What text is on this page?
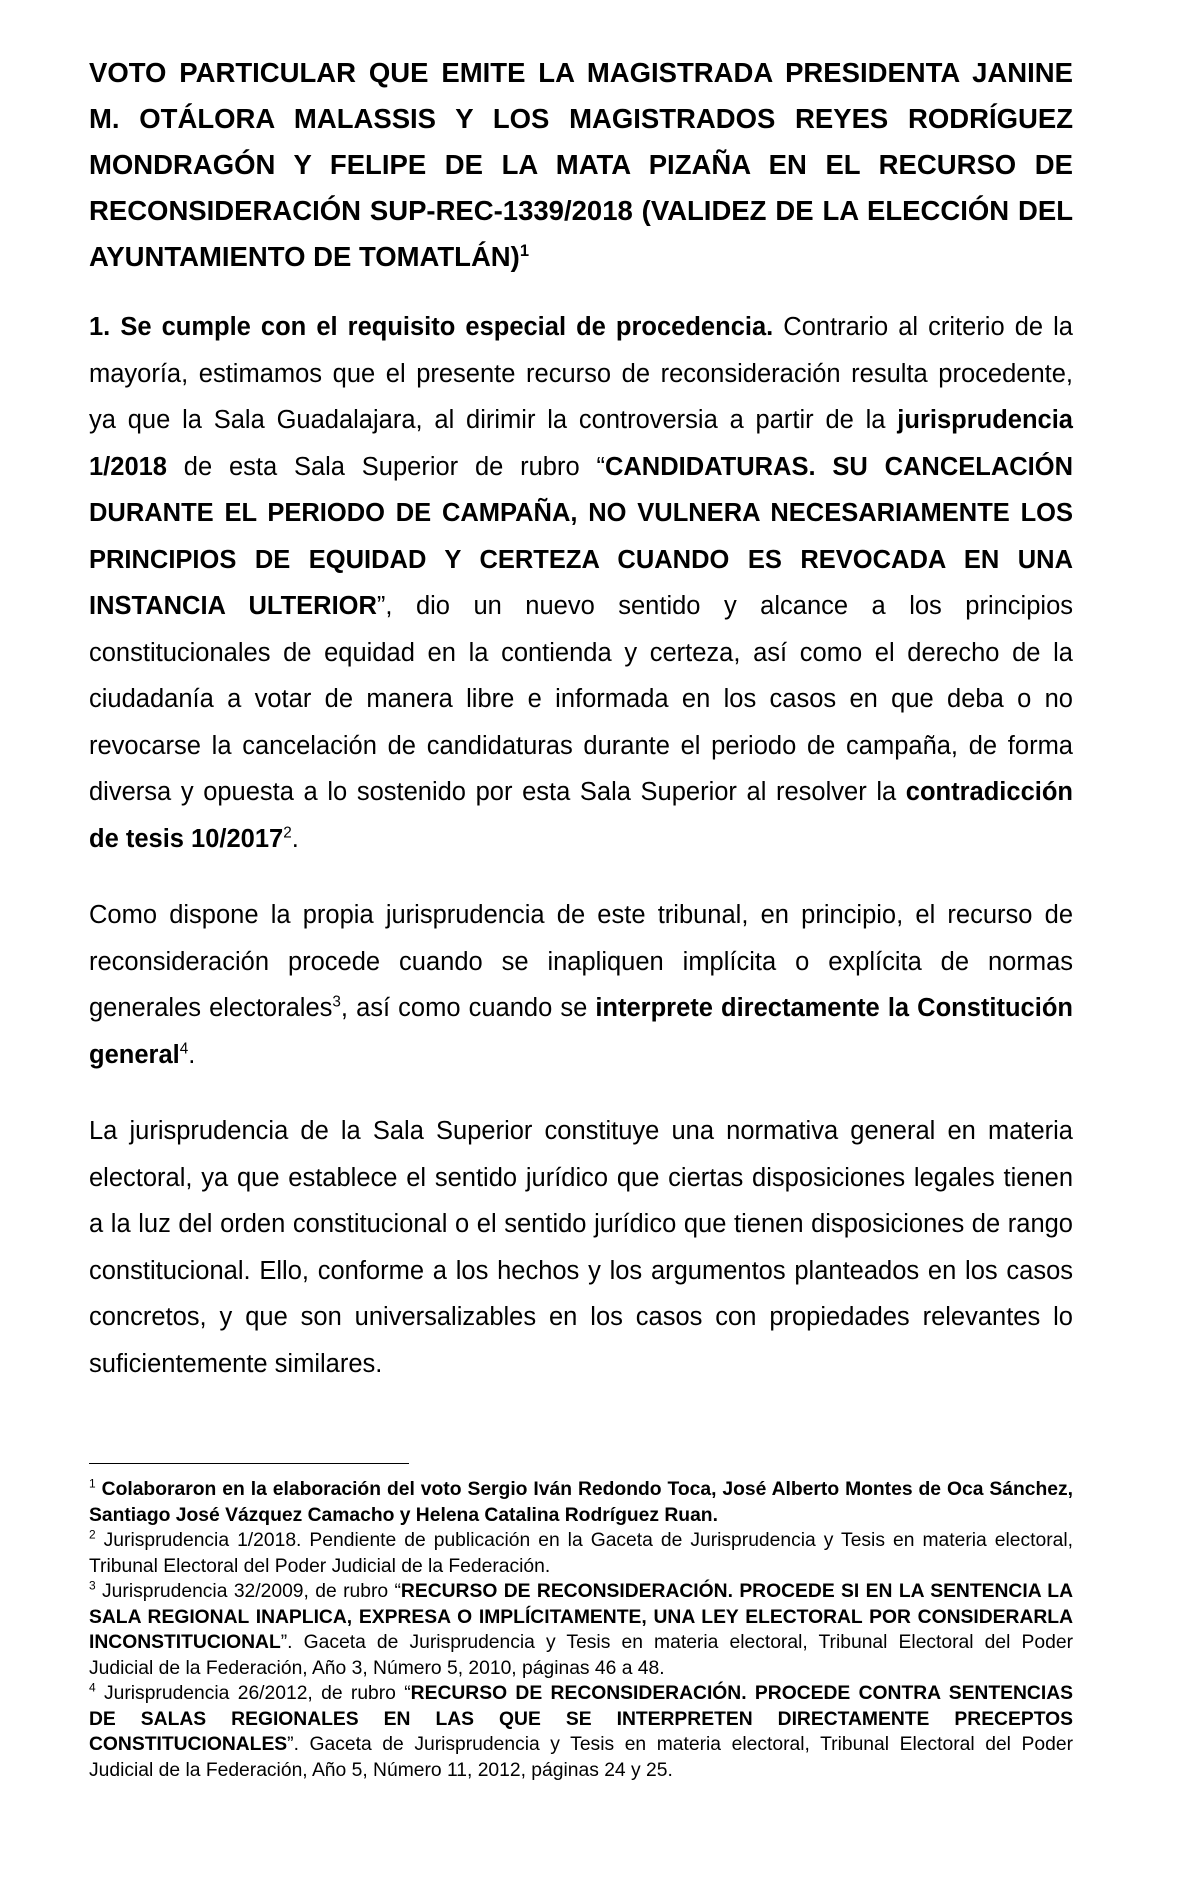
VOTO PARTICULAR QUE EMITE LA MAGISTRADA PRESIDENTA JANINE M. OTÁLORA MALASSIS Y LOS MAGISTRADOS REYES RODRÍGUEZ MONDRAGÓN Y FELIPE DE LA MATA PIZAÑA EN EL RECURSO DE RECONSIDERACIÓN SUP-REC-1339/2018 (VALIDEZ DE LA ELECCIÓN DEL AYUNTAMIENTO DE TOMATLÁN)$^1$

1. Se cumple con el requisito especial de procedencia. Contrario al criterio de la mayoría, estimamos que el presente recurso de reconsideración resulta procedente, ya que la Sala Guadalajara, al dirimir la controversia a partir de la jurisprudencia 1/2018 de esta Sala Superior de rubro “CANDIDATURAS. SU CANCELACIÓN DURANTE EL PERIODO DE CAMPAÑA, NO VULNERA NECESARIAMENTE LOS PRINCIPIOS DE EQUIDAD Y CERTEZA CUANDO ES REVOCADA EN UNA INSTANCIA ULTERIOR”, dio un nuevo sentido y alcance a los principios constitucionales de equidad en la contienda y certeza, así como el derecho de la ciudadanía a votar de manera libre e informada en los casos en que deba o no revocarse la cancelación de candidaturas durante el periodo de campaña, de forma diversa y opuesta a lo sostenido por esta Sala Superior al resolver la contradicción de tesis 10/2017$^2$.

Como dispone la propia jurisprudencia de este tribunal, en principio, el recurso de reconsideración procede cuando se inapliquen implícita o explícita de normas generales electorales$^3$, así como cuando se interprete directamente la Constitución general$^4$.

La jurisprudencia de la Sala Superior constituye una normativa general en materia electoral, ya que establece el sentido jurídico que ciertas disposiciones legales tienen a la luz del orden constitucional o el sentido jurídico que tienen disposiciones de rango constitucional. Ello, conforme a los hechos y los argumentos planteados en los casos concretos, y que son universalizables en los casos con propiedades relevantes lo suficientemente similares.

$^1$ Colaboraron en la elaboración del voto Sergio Iván Redondo Toca, José Alberto Montes de Oca Sánchez, Santiago José Vázquez Camacho y Helena Catalina Rodríguez Ruan.

$^2$ Jurisprudencia 1/2018. Pendiente de publicación en la Gaceta de Jurisprudencia y Tesis en materia electoral, Tribunal Electoral del Poder Judicial de la Federación.

$^3$ Jurisprudencia 32/2009, de rubro “RECURSO DE RECONSIDERACIÓN. PROCEDE SI EN LA SENTENCIA LA SALA REGIONAL INAPLICA, EXPRESA O IMPLÍCITAMENTE, UNA LEY ELECTORAL POR CONSIDERARLA INCONSTITUCIONAL”. Gaceta de Jurisprudencia y Tesis en materia electoral, Tribunal Electoral del Poder Judicial de la Federación, Año 3, Número 5, 2010, páginas 46 a 48.

$^4$ Jurisprudencia 26/2012, de rubro “RECURSO DE RECONSIDERACIÓN. PROCEDE CONTRA SENTENCIAS DE SALAS REGIONALES EN LAS QUE SE INTERPRETEN DIRECTAMENTE PRECEPTOS CONSTITUCIONALES”. Gaceta de Jurisprudencia y Tesis en materia electoral, Tribunal Electoral del Poder Judicial de la Federación, Año 5, Número 11, 2012, páginas 24 y 25.
